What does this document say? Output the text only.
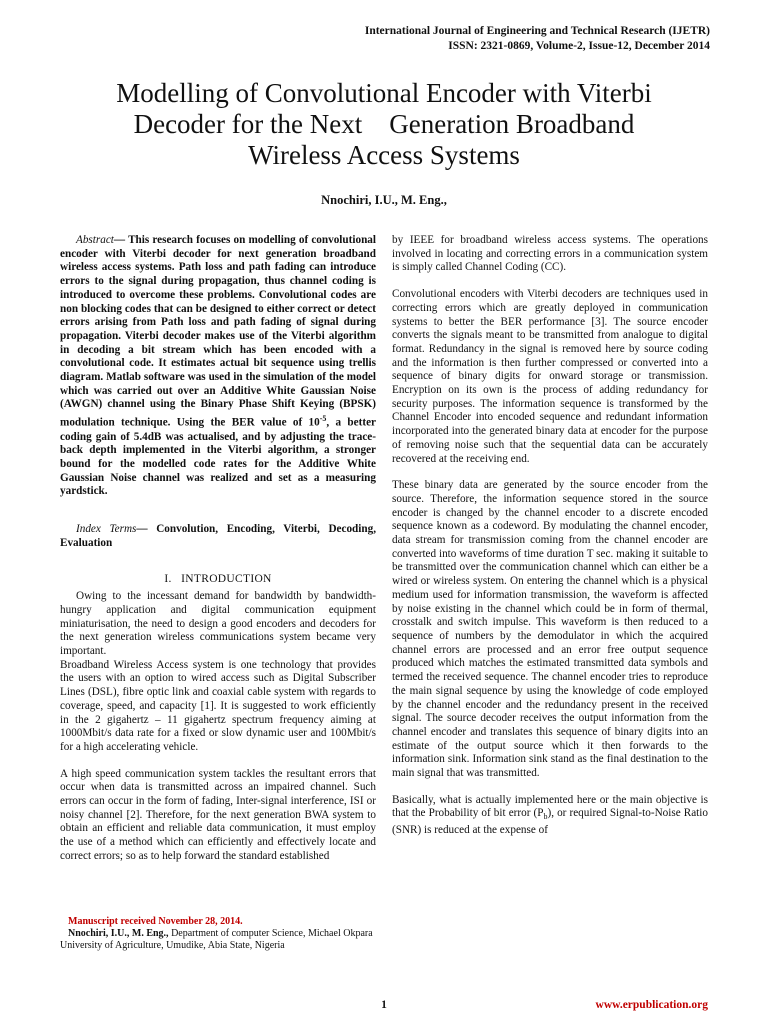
International Journal of Engineering and Technical Research (IJETR)
ISSN: 2321-0869, Volume-2, Issue-12, December 2014
Modelling of Convolutional Encoder with Viterbi
Decoder for the Next    Generation Broadband
Wireless Access Systems
Nnochiri, I.U., M. Eng.,

Abstract— This research focuses on modelling of convolutional encoder with Viterbi decoder for next generation broadband wireless access systems. Path loss and path fading can introduce errors to the signal during propagation, thus channel coding is introduced to overcome these problems. Convolutional codes are non blocking codes that can be designed to either correct or detect errors arising from Path loss and path fading of signal during propagation. Viterbi decoder makes use of the Viterbi algorithm in decoding a bit stream which has been encoded with a convolutional code. It estimates actual bit sequence using trellis diagram. Matlab software was used in the simulation of the model which was carried out over an Additive White Gaussian Noise (AWGN) channel using the Binary Phase Shift Keying (BPSK) modulation technique. Using the BER value of $10^{-5}$, a better coding gain of 5.4dB was actualised, and by adjusting the trace-back depth implemented in the Viterbi algorithm, a stronger bound for the modelled code rates for the Additive White Gaussian Noise channel was realized and set as a measuring yardstick.

Index Terms— Convolution, Encoding, Viterbi, Decoding, Evaluation

I.   INTRODUCTION

Owing to the incessant demand for bandwidth by bandwidth-hungry application and digital communication equipment miniaturisation, the need to design a good encoders and decoders for the next generation wireless communications system became very important.

Broadband Wireless Access system is one technology that provides the users with an option to wired access such as Digital Subscriber Lines (DSL), fibre optic link and coaxial cable system with regards to coverage, speed, and capacity [1]. It is suggested to work efficiently in the 2 gigahertz – 11 gigahertz spectrum frequency aiming at 1000Mbit/s data rate for a fixed or slow dynamic user and 100Mbit/s for a high accelerating vehicle.

A high speed communication system tackles the resultant errors that occur when data is transmitted across an impaired channel. Such errors can occur in the form of fading, Inter-signal interference, ISI or noisy channel [2]. Therefore, for the next generation BWA system to obtain an efficient and reliable data communication, it must employ the use of a method which can efficiently and effectively locate and correct errors; so as to help forward the standard established

by IEEE for broadband wireless access systems. The operations involved in locating and correcting errors in a communication system is simply called Channel Coding (CC).

Convolutional encoders with Viterbi decoders are techniques used in correcting errors which are greatly deployed in communication systems to better the BER performance [3]. The source encoder converts the signals meant to be transmitted from analogue to digital format. Redundancy in the signal is removed here by source coding and the information is then further compressed or converted into a sequence of binary digits for onward storage or transmission. Encryption on its own is the process of adding redundancy for security purposes. The information sequence is transformed by the Channel Encoder into encoded sequence and redundant information incorporated into the generated binary data at encoder for the purpose of removing noise such that the sequential data can be accurately recovered at the receiving end.

These binary data are generated by the source encoder from the source. Therefore, the information sequence stored in the source encoder is changed by the channel encoder to a discrete encoded sequence known as a codeword. By modulating the channel encoder, data stream for transmission coming from the channel encoder are converted into waveforms of time duration T sec. making it suitable to be transmitted over the communication channel which can either be a wired or wireless system. On entering the channel which is a physical medium used for information transmission, the waveform is affected by noise existing in the channel which could be in form of thermal, crosstalk and switch impulse. This waveform is then reduced to a sequence of numbers by the demodulator in which the acquired channel errors are processed and an error free output sequence produced which matches the estimated transmitted data symbols and termed the received sequence. The channel encoder tries to reproduce the main signal sequence by using the knowledge of code employed by the channel encoder and the redundancy present in the received signal. The source decoder receives the output information from the channel encoder and translates this sequence of binary digits into an estimate of the output source which it then forwards to the information sink. Information sink stand as the final destination to the main signal that was transmitted.

Basically, what is actually implemented here or the main objective is that the Probability of bit error $(P_b)$, or required Signal-to-Noise Ratio (SNR) is reduced at the expense of

Manuscript received November 28, 2014.
Nnochiri, I.U., M. Eng., Department of computer Science, Michael Okpara University of Agriculture, Umudike, Abia State, Nigeria
1	www.erpublication.org
